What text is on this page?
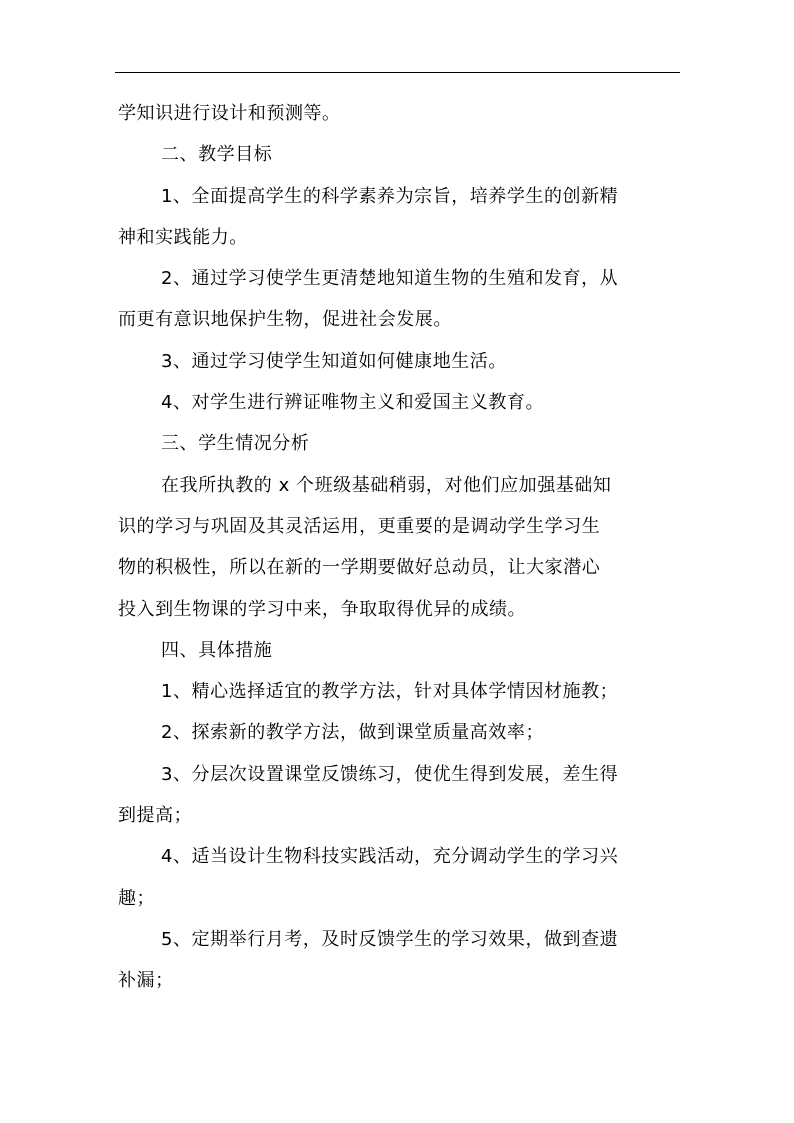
学知识进行设计和预测等。
二、教学目标
1、全面提高学生的科学素养为宗旨，培养学生的创新精
神和实践能力。
2、通过学习使学生更清楚地知道生物的生殖和发育，从
而更有意识地保护生物，促进社会发展。
3、通过学习使学生知道如何健康地生活。
4、对学生进行辨证唯物主义和爱国主义教育。
三、学生情况分析
在我所执教的 x 个班级基础稍弱，对他们应加强基础知
识的学习与巩固及其灵活运用，更重要的是调动学生学习生
物的积极性，所以在新的一学期要做好总动员，让大家潜心
投入到生物课的学习中来，争取取得优异的成绩。
四、具体措施
1、精心选择适宜的教学方法，针对具体学情因材施教；
2、探索新的教学方法，做到课堂质量高效率；
3、分层次设置课堂反馈练习，使优生得到发展，差生得
到提高；
4、适当设计生物科技实践活动，充分调动学生的学习兴
趣；
5、定期举行月考，及时反馈学生的学习效果，做到查遗
补漏；
